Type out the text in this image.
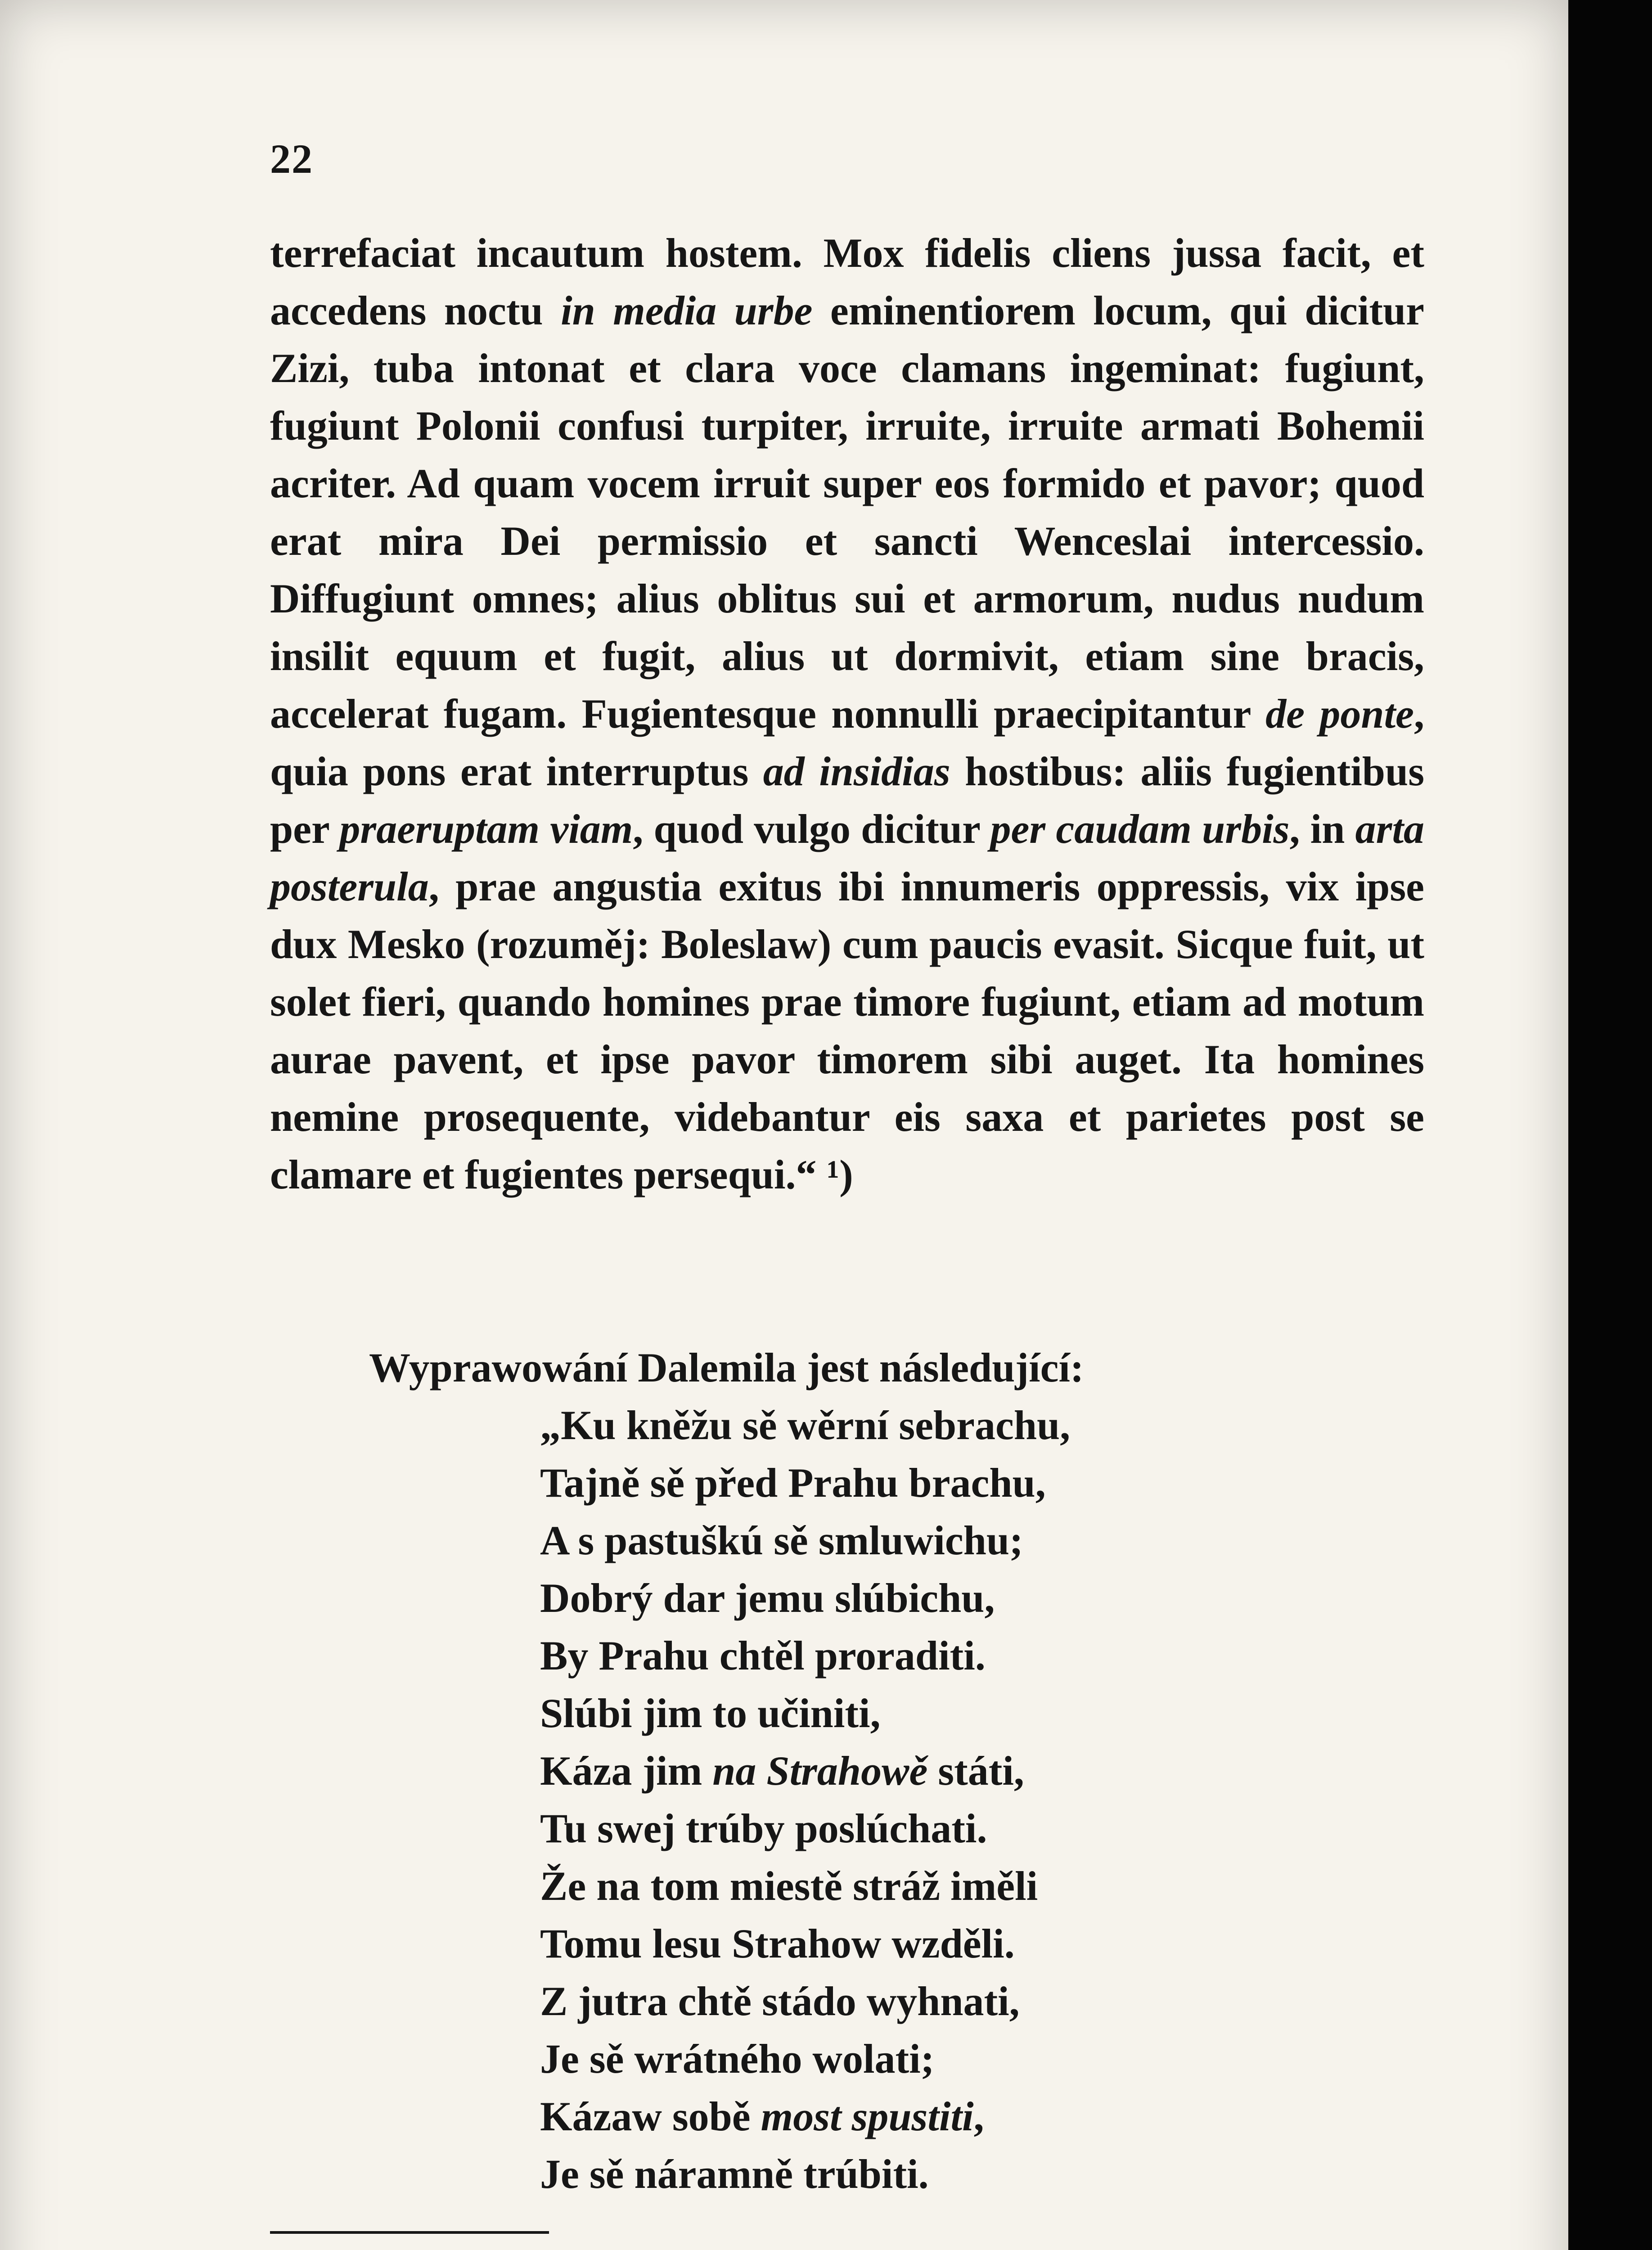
22

terrefaciat incautum hostem. Mox fidelis cliens jussa facit, et accedens noctu in media urbe eminentiorem locum, qui dicitur Zizi, tuba intonat et clara voce clamans ingeminat: fugiunt, fugiunt Polonii confusi turpiter, irruite, irruite armati Bohemii acriter. Ad quam vocem irruit super eos formido et pavor; quod erat mira Dei permissio et sancti Wenceslai intercessio. Diffugiunt omnes; alius oblitus sui et armorum, nudus nudum insilit equum et fugit, alius ut dormivit, etiam sine bracis, accelerat fugam. Fugientesque nonnulli praecipitantur de ponte, quia pons erat interruptus ad insidias hostibus: aliis fugientibus per praeruptam viam, quod vulgo dicitur per caudam urbis, in arta posterula, prae angustia exitus ibi innumeris oppressis, vix ipse dux Mesko (rozuměj: Boleslaw) cum paucis evasit. Sicque fuit, ut solet fieri, quando homines prae timore fugiunt, etiam ad motum aurae pavent, et ipse pavor timorem sibi auget. Ita homines nemine prosequente, videbantur eis saxa et parietes post se clamare et fugientes persequi.“ ¹)

Wyprawowání Dalemila jest následující:

„Ku kněžu sě wěrní sebrachu,
Tajně sě před Prahu brachu,
A s pastuškú sě smluwichu;
Dobrý dar jemu slúbichu,
By Prahu chtěl proraditi.
Slúbi jim to učiniti,
Káza jim na Strahowě státi,
Tu swej trúby poslúchati.
Že na tom miestě stráž iměli
Tomu lesu Strahow wzděli.
Z jutra chtě stádo wyhnati,
Je sě wrátného wolati;
Kázaw sobě most spustiti,
Je sě náramně trúbiti.
